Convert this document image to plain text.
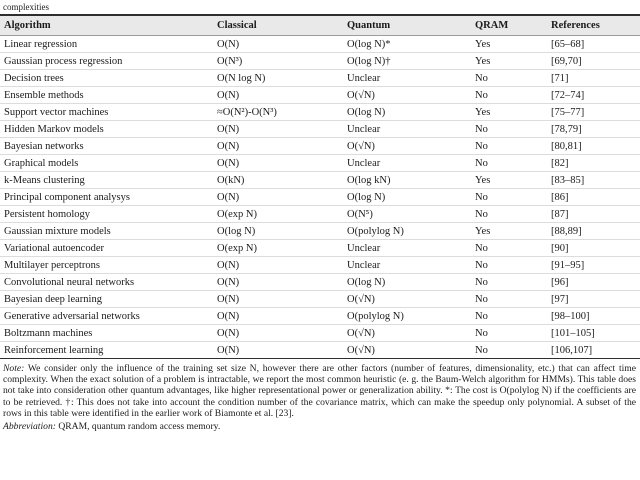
complexities
Algorithm	Classical	Quantum	QRAM	References
Linear regression	O(N)	O(log N)*	Yes	[65–68]
Gaussian process regression	O(N³)	O(log N)†	Yes	[69,70]
Decision trees	O(N log N)	Unclear	No	[71]
Ensemble methods	O(N)	O(√N)	No	[72–74]
Support vector machines	≈O(N²)-O(N³)	O(log N)	Yes	[75–77]
Hidden Markov models	O(N)	Unclear	No	[78,79]
Bayesian networks	O(N)	O(√N)	No	[80,81]
Graphical models	O(N)	Unclear	No	[82]
k-Means clustering	O(kN)	O(log kN)	Yes	[83–85]
Principal component analysys	O(N)	O(log N)	No	[86]
Persistent homology	O(exp N)	O(N⁵)	No	[87]
Gaussian mixture models	O(log N)	O(polylog N)	Yes	[88,89]
Variational autoencoder	O(exp N)	Unclear	No	[90]
Multilayer perceptrons	O(N)	Unclear	No	[91–95]
Convolutional neural networks	O(N)	O(log N)	No	[96]
Bayesian deep learning	O(N)	O(√N)	No	[97]
Generative adversarial networks	O(N)	O(polylog N)	No	[98–100]
Boltzmann machines	O(N)	O(√N)	No	[101–105]
Reinforcement learning	O(N)	O(√N)	No	[106,107]
Note: We consider only the influence of the training set size N, however there are other factors (number of features, dimensionality, etc.) that can affect time complexity. When the exact solution of a problem is intractable, we report the most common heuristic (e. g. the Baum-Welch algorithm for HMMs). This table does not take into consideration other quantum advantages, like higher representational power or generalization ability. *: The cost is O(polylog N) if the coefficients are to be retrieved. †: This does not take into account the condition number of the covariance matrix, which can make the speedup only polynomial. A subset of the rows in this table were identified in the earlier work of Biamonte et al. [23].
Abbreviation: QRAM, quantum random access memory.
